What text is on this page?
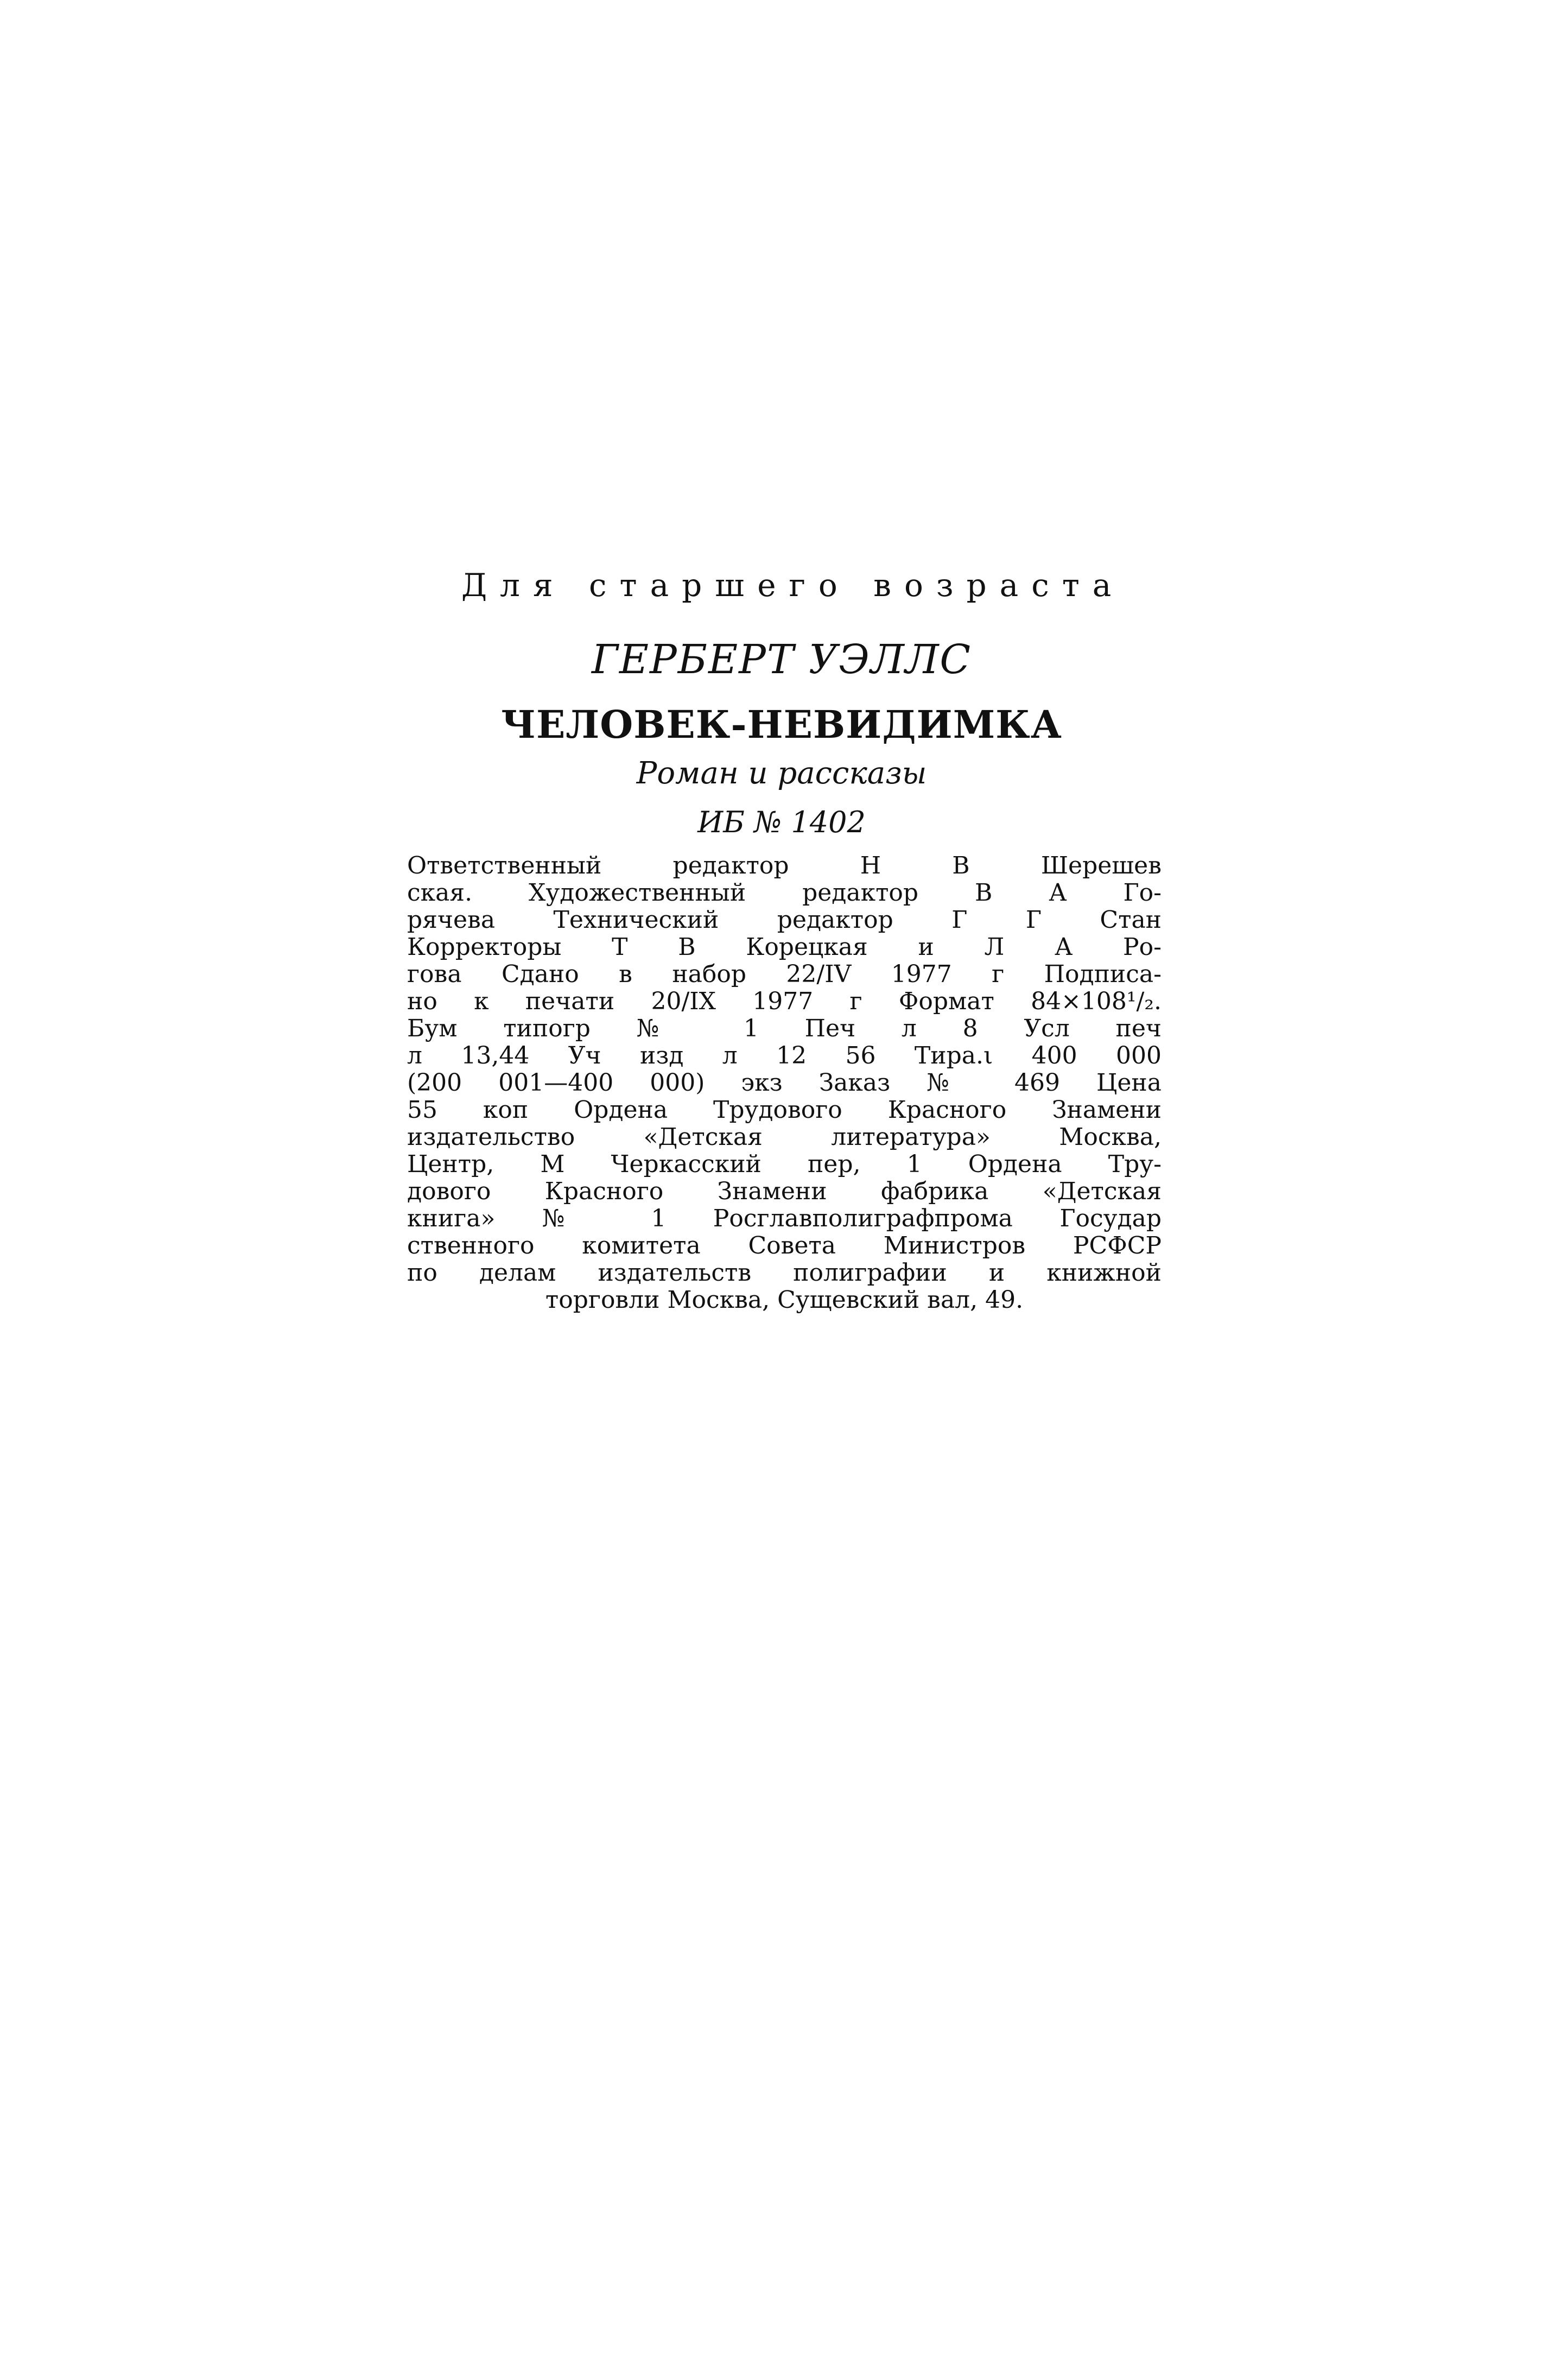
Для старшего возраста
ГЕРБЕРТ УЭЛЛС
ЧЕЛОВЕК-НЕВИДИМКА
Роман и рассказы
ИБ № 1402
Ответственный редактор Н В Шерешев
ская. Художественный редактор В А Го-
рячева Технический редактор Г Г Стан
Корректоры Т В Корецкая и Л А Ро-
гова Сдано в набор 22/IV 1977 г Подписа-
но к печати 20/IX 1977 г Формат 84×108¹/₂.
Бум типогр № 1 Печ л 8 Усл печ
л 13,44 Уч изд л 12 56 Тира.ι 400 000
(200 001—400 000) экз Заказ № 469 Цена
55 коп Ордена Трудового Красного Знамени
издательство «Детская литература» Москва,
Центр, М Черкасский пер, 1 Ордена Тру-
дового Красного Знамени фабрика «Детская
книга» № 1 Росглавполиграфпрома Государ
ственного комитета Совета Министров РСФСР
по делам издательств полиграфии и книжной
торговли Москва, Сущевский вал, 49.
